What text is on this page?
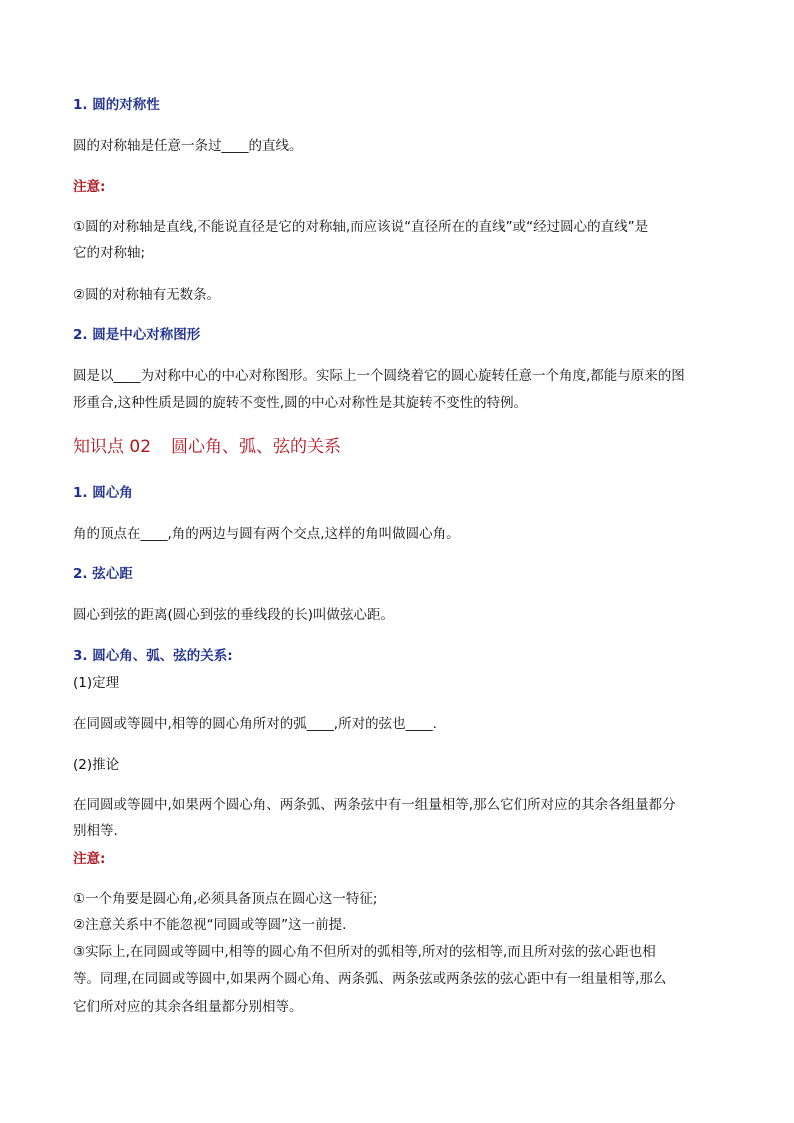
1. 圆的对称性

圆的对称轴是任意一条过____的直线。

注意:

①圆的对称轴是直线,不能说直径是它的对称轴,而应该说“直径所在的直线”或“经过圆心的直线”是

它的对称轴;

②圆的对称轴有无数条。

2. 圆是中心对称图形

圆是以____为对称中心的中心对称图形。实际上一个圆绕着它的圆心旋转任意一个角度,都能与原来的图

形重合,这种性质是圆的旋转不变性,圆的中心对称性是其旋转不变性的特例。

知识点 02 圆心角、弧、弦的关系

1. 圆心角

角的顶点在____,角的两边与圆有两个交点,这样的角叫做圆心角。

2. 弦心距

圆心到弦的距离(圆心到弦的垂线段的长)叫做弦心距。

3. 圆心角、弧、弦的关系:

(1)定理

在同圆或等圆中,相等的圆心角所对的弧____,所对的弦也____.

(2)推论

在同圆或等圆中,如果两个圆心角、两条弧、两条弦中有一组量相等,那么它们所对应的其余各组量都分

别相等.

注意:

①一个角要是圆心角,必须具备顶点在圆心这一特征;

②注意关系中不能忽视“同圆或等圆”这一前提.

③实际上,在同圆或等圆中,相等的圆心角不但所对的弧相等,所对的弦相等,而且所对弦的弦心距也相

等。同理,在同圆或等圆中,如果两个圆心角、两条弧、两条弦或两条弦的弦心距中有一组量相等,那么

它们所对应的其余各组量都分别相等。
